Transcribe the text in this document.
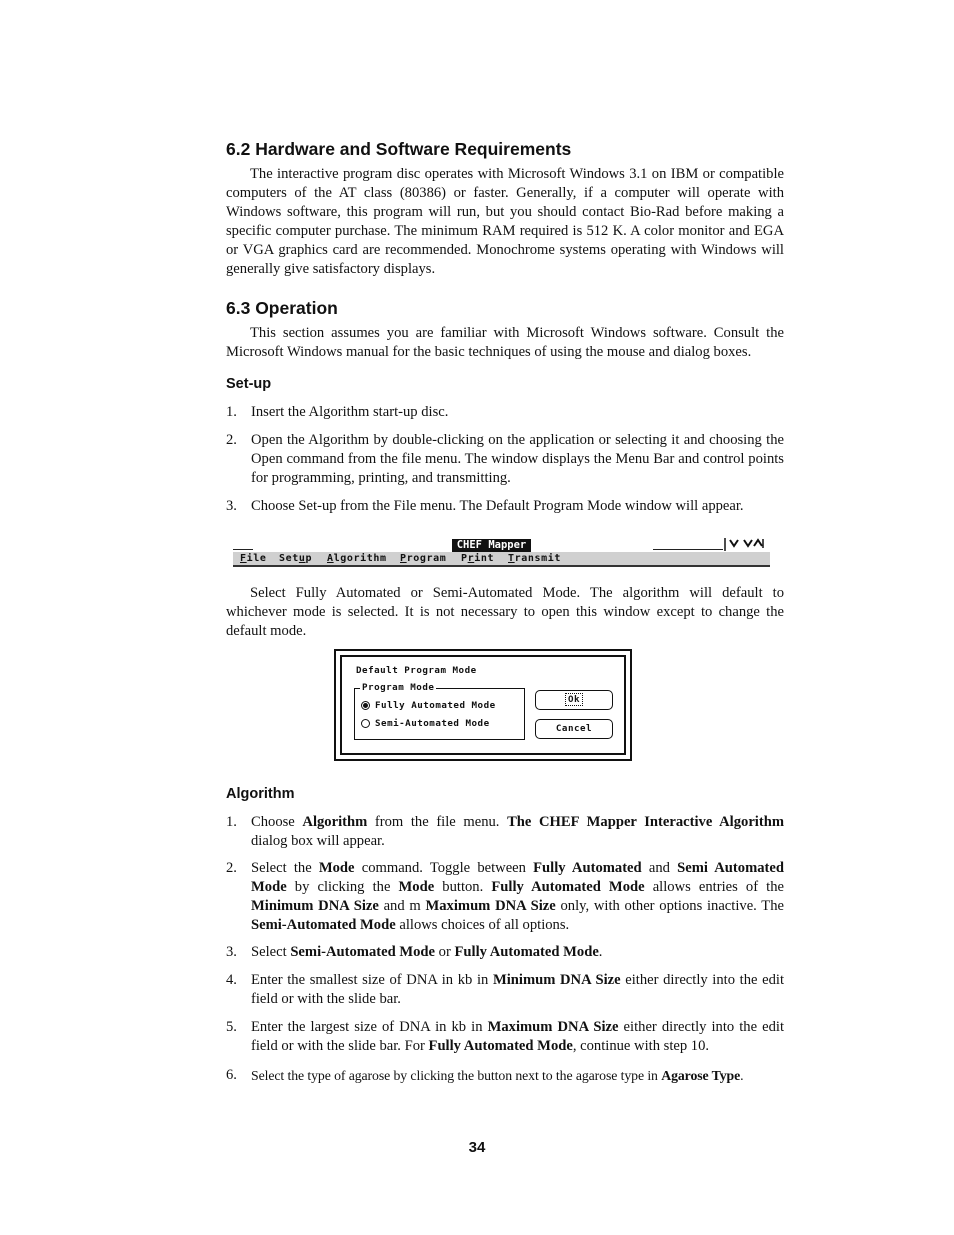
6.2 Hardware and Software Requirements

The interactive program disc operates with Microsoft Windows 3.1 on IBM or compatible computers of the AT class (80386) or faster. Generally, if a computer will operate with Windows software, this program will run, but you should contact Bio-Rad before making a specific computer purchase. The minimum RAM required is 512 K. A color monitor and EGA or VGA graphics card are recommended. Monochrome systems operating with Windows will generally give satisfactory displays.

6.3 Operation

This section assumes you are familiar with Microsoft Windows software. Consult the Microsoft Windows manual for the basic techniques of using the mouse and dialog boxes.

Set-up
1. Insert the Algorithm start-up disc.
2. Open the Algorithm by double-clicking on the application or selecting it and choosing the Open command from the file menu. The window displays the Menu Bar and control points for programming, printing, and transmitting.
3. Choose Set-up from the File menu. The Default Program Mode window will appear.
CHEF Mapper
File Setup Algorithm Program Print Transmit

Select Fully Automated or Semi-Automated Mode. The algorithm will default to whichever mode is selected. It is not necessary to open this window except to change the default mode.

Default Program Mode
Program Mode
Fully Automated Mode
Semi-Automated Mode
Ok
Cancel
Algorithm
1. Choose Algorithm from the file menu. The CHEF Mapper Interactive Algorithm dialog box will appear.
2. Select the Mode command. Toggle between Fully Automated and Semi Automated Mode by clicking the Mode button. Fully Automated Mode allows entries of the Minimum DNA Size and m Maximum DNA Size only, with other options inactive. The Semi-Automated Mode allows choices of all options.
3. Select Semi-Automated Mode or Fully Automated Mode.
4. Enter the smallest size of DNA in kb in Minimum DNA Size either directly into the edit field or with the slide bar.
5. Enter the largest size of DNA in kb in Maximum DNA Size either directly into the edit field or with the slide bar. For Fully Automated Mode, continue with step 10.
6.	Select the type of agarose by clicking the button next to the agarose type in Agarose Type.
34
